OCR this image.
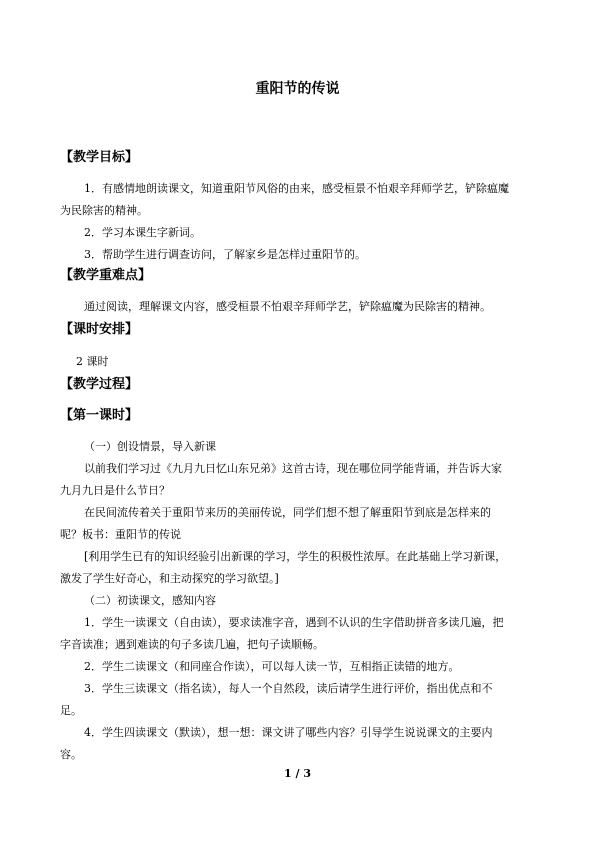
重阳节的传说
【教学目标】
1．有感情地朗读课文，知道重阳节风俗的由来，感受桓景不怕艰辛拜师学艺，铲除瘟魔
为民除害的精神。
2．学习本课生字新词。
3．帮助学生进行调查访问，了解家乡是怎样过重阳节的。
【教学重难点】
通过阅读，理解课文内容，感受桓景不怕艰辛拜师学艺，铲除瘟魔为民除害的精神。
【课时安排】
2 课时
【教学过程】
【第一课时】
（一）创设情景，导入新课
以前我们学习过《九月九日忆山东兄弟》这首古诗，现在哪位同学能背诵，并告诉大家
九月九日是什么节日？
在民间流传着关于重阳节来历的美丽传说，同学们想不想了解重阳节到底是怎样来的
呢？板书：重阳节的传说
[利用学生已有的知识经验引出新课的学习，学生的积极性浓厚。在此基础上学习新课，
激发了学生好奇心，和主动探究的学习欲望。]
（二）初读课文，感知内容
1．学生一读课文（自由读），要求读准字音，遇到不认识的生字借助拼音多读几遍，把
字音读准；遇到难读的句子多读几遍，把句子读顺畅。
2．学生二读课文（和同座合作读），可以每人读一节，互相指正读错的地方。
3．学生三读课文（指名读），每人一个自然段，读后请学生进行评价，指出优点和不
足。
4．学生四读课文（默读），想一想：课文讲了哪些内容？引导学生说说课文的主要内
容。
1 / 3
